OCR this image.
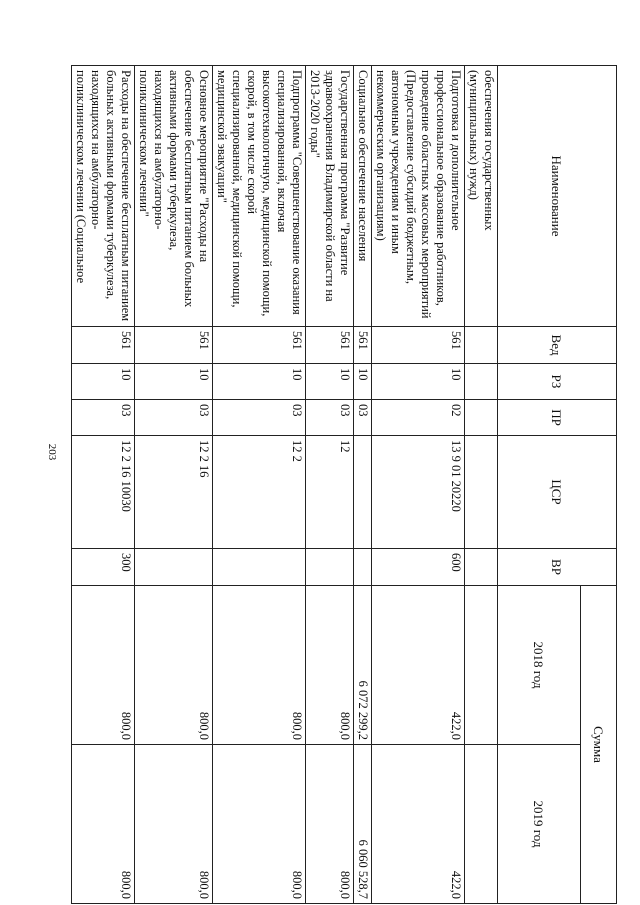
203
Наименование	Вед	РЗ	ПР	ЦСР	ВР	Сумма	
						2018 год	2019 год
обеспечения государственных (муниципальных) нужд)							
Подготовка и дополнительное профессиональное образование работников, проведение областных массовых мероприятий (Предоставление субсидий бюджетным, автономным учреждениям и иным некоммерческим организациям)	561	10	02	13 9 01 20220	600	422,0	422,0
Социальное обеспечение населения	561	10	03			6 072 299,2	6 060 528,7
Государственная программа "Развитие здравоохранения Владимирской области на 2013-2020 годы"	561	10	03	12		800,0	800,0
Подпрограмма "Совершенствование оказания специализированной, включая высокотехнологичную, медицинской помощи, скорой, в том числе скорой специализированной, медицинской помощи, медицинской эвакуации"	561	10	03	12 2		800,0	800,0
Основное мероприятие "Расходы на обеспечение бесплатным питанием больных активными формами туберкулеза, находящихся на амбулаторно-поликлиническом лечении"	561	10	03	12 2 16		800,0	800,0
Расходы на обеспечение бесплатным питанием больных активными формами туберкулеза, находящихся на амбулаторно-поликлиническом лечении (Социальное	561	10	03	12 2 16 10030	300	800,0	800,0
